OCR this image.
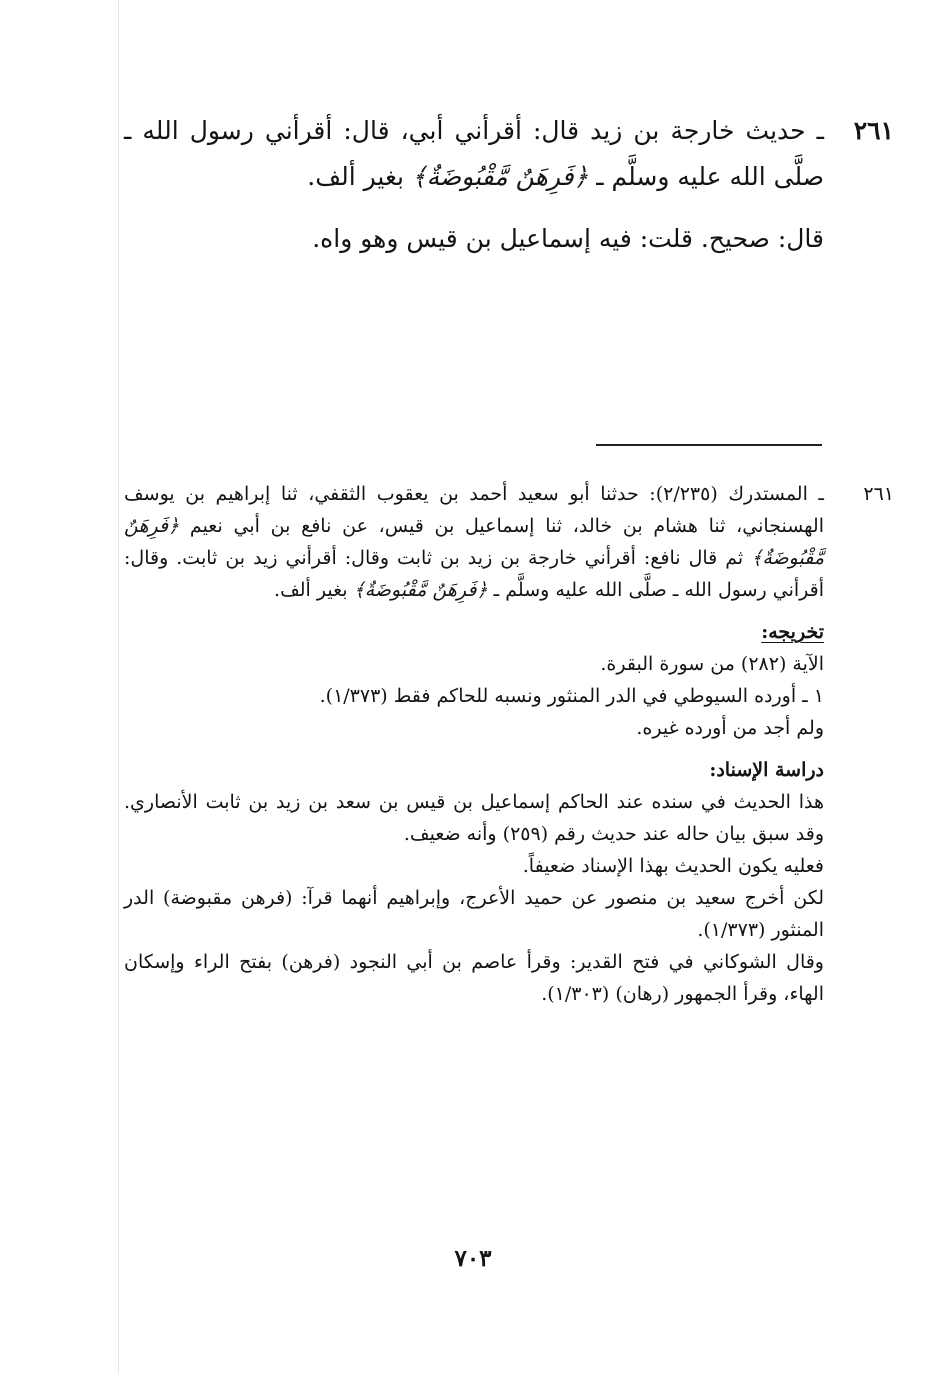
٢٦١

ـ حديث خارجة بن زيد قال: أقرأني أبي، قال: أقرأني رسول الله ـ صلَّى الله عليه وسلَّم ـ ﴿فَرِهَنٌ مَّقْبُوضَةٌ﴾ بغير ألف.

قال: صحيح. قلت: فيه إسماعيل بن قيس وهو واه.

٢٦١

ـ المستدرك (٢/٢٣٥): حدثنا أبو سعيد أحمد بن يعقوب الثقفي، ثنا إبراهيم بن يوسف الهسنجاني، ثنا هشام بن خالد، ثنا إسماعيل بن قيس، عن نافع بن أبي نعيم ﴿فَرِهَنٌ مَّقْبُوضَةٌ﴾ ثم قال نافع: أقرأني خارجة بن زيد بن ثابت وقال: أقرأني زيد بن ثابت. وقال: أقرأني رسول الله ـ صلَّى الله عليه وسلَّم ـ ﴿فَرِهَنٌ مَّقْبُوضَةٌ﴾ بغير ألف.

تخريجه:

الآية (٢٨٢) من سورة البقرة.

١ ـ أورده السيوطي في الدر المنثور ونسبه للحاكم فقط (١/٣٧٣).

ولم أجد من أورده غيره.

دراسة الإسناد:

هذا الحديث في سنده عند الحاكم إسماعيل بن قيس بن سعد بن زيد بن ثابت الأنصاري. وقد سبق بيان حاله عند حديث رقم (٢٥٩) وأنه ضعيف.

فعليه يكون الحديث بهذا الإسناد ضعيفاً.

لكن أخرج سعيد بن منصور عن حميد الأعرج، وإبراهيم أنهما قرآ: (فرهن مقبوضة) الدر المنثور (١/٣٧٣).

وقال الشوكاني في فتح القدير: وقرأ عاصم بن أبي النجود (فرهن) بفتح الراء وإسكان الهاء، وقرأ الجمهور (رهان) (١/٣٠٣).

٧٠٣
